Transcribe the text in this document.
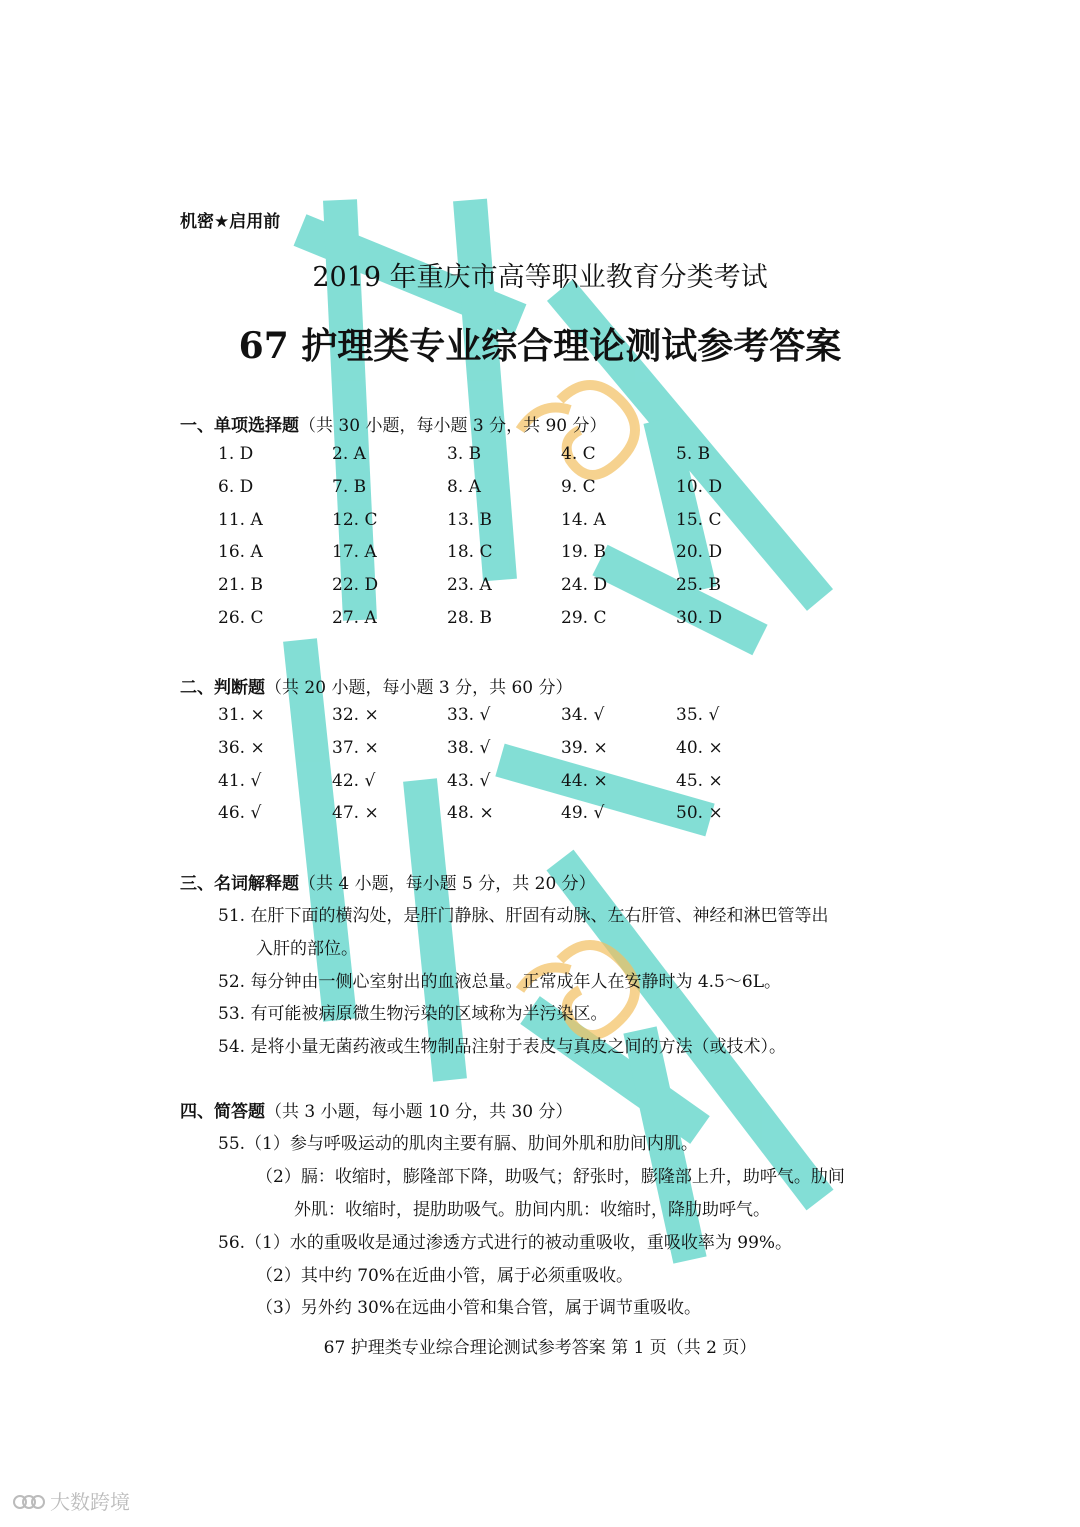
机密★启用前
2019 年重庆市高等职业教育分类考试
67 护理类专业综合理论测试参考答案
一、单项选择题（共 30 小题，每小题 3 分，共 90 分）
1. D	2. A	3. B	4. C	5. B
6. D	7. B	8. A	9. C	10. D
11. A	12. C	13. B	14. A	15. C
16. A	17. A	18. C	19. B	20. D
21. B	22. D	23. A	24. D	25. B
26. C	27. A	28. B	29. C	30. D
二、判断题（共 20 小题，每小题 3 分，共 60 分）
31. ×	32. ×	33. √	34. √	35. √
36. ×	37. ×	38. √	39. ×	40. ×
41. √	42. √	43. √	44. ×	45. ×
46. √	47. ×	48. ×	49. √	50. ×
三、名词解释题（共 4 小题，每小题 5 分，共 20 分）
51. 在肝下面的横沟处，是肝门静脉、肝固有动脉、左右肝管、神经和淋巴管等出
入肝的部位。
52. 每分钟由一侧心室射出的血液总量。正常成年人在安静时为 4.5～6L。
53. 有可能被病原微生物污染的区域称为半污染区。
54. 是将小量无菌药液或生物制品注射于表皮与真皮之间的方法（或技术）。
四、简答题（共 3 小题，每小题 10 分，共 30 分）
55.（1）参与呼吸运动的肌肉主要有膈、肋间外肌和肋间内肌。
（2）膈：收缩时，膨隆部下降，助吸气；舒张时，膨隆部上升，助呼气。肋间
外肌：收缩时，提肋助吸气。肋间内肌：收缩时，降肋助呼气。
56.（1）水的重吸收是通过渗透方式进行的被动重吸收，重吸收率为 99%。
（2）其中约 70%在近曲小管，属于必须重吸收。
（3）另外约 30%在远曲小管和集合管，属于调节重吸收。
67 护理类专业综合理论测试参考答案 第 1 页（共 2 页）
大数跨境
